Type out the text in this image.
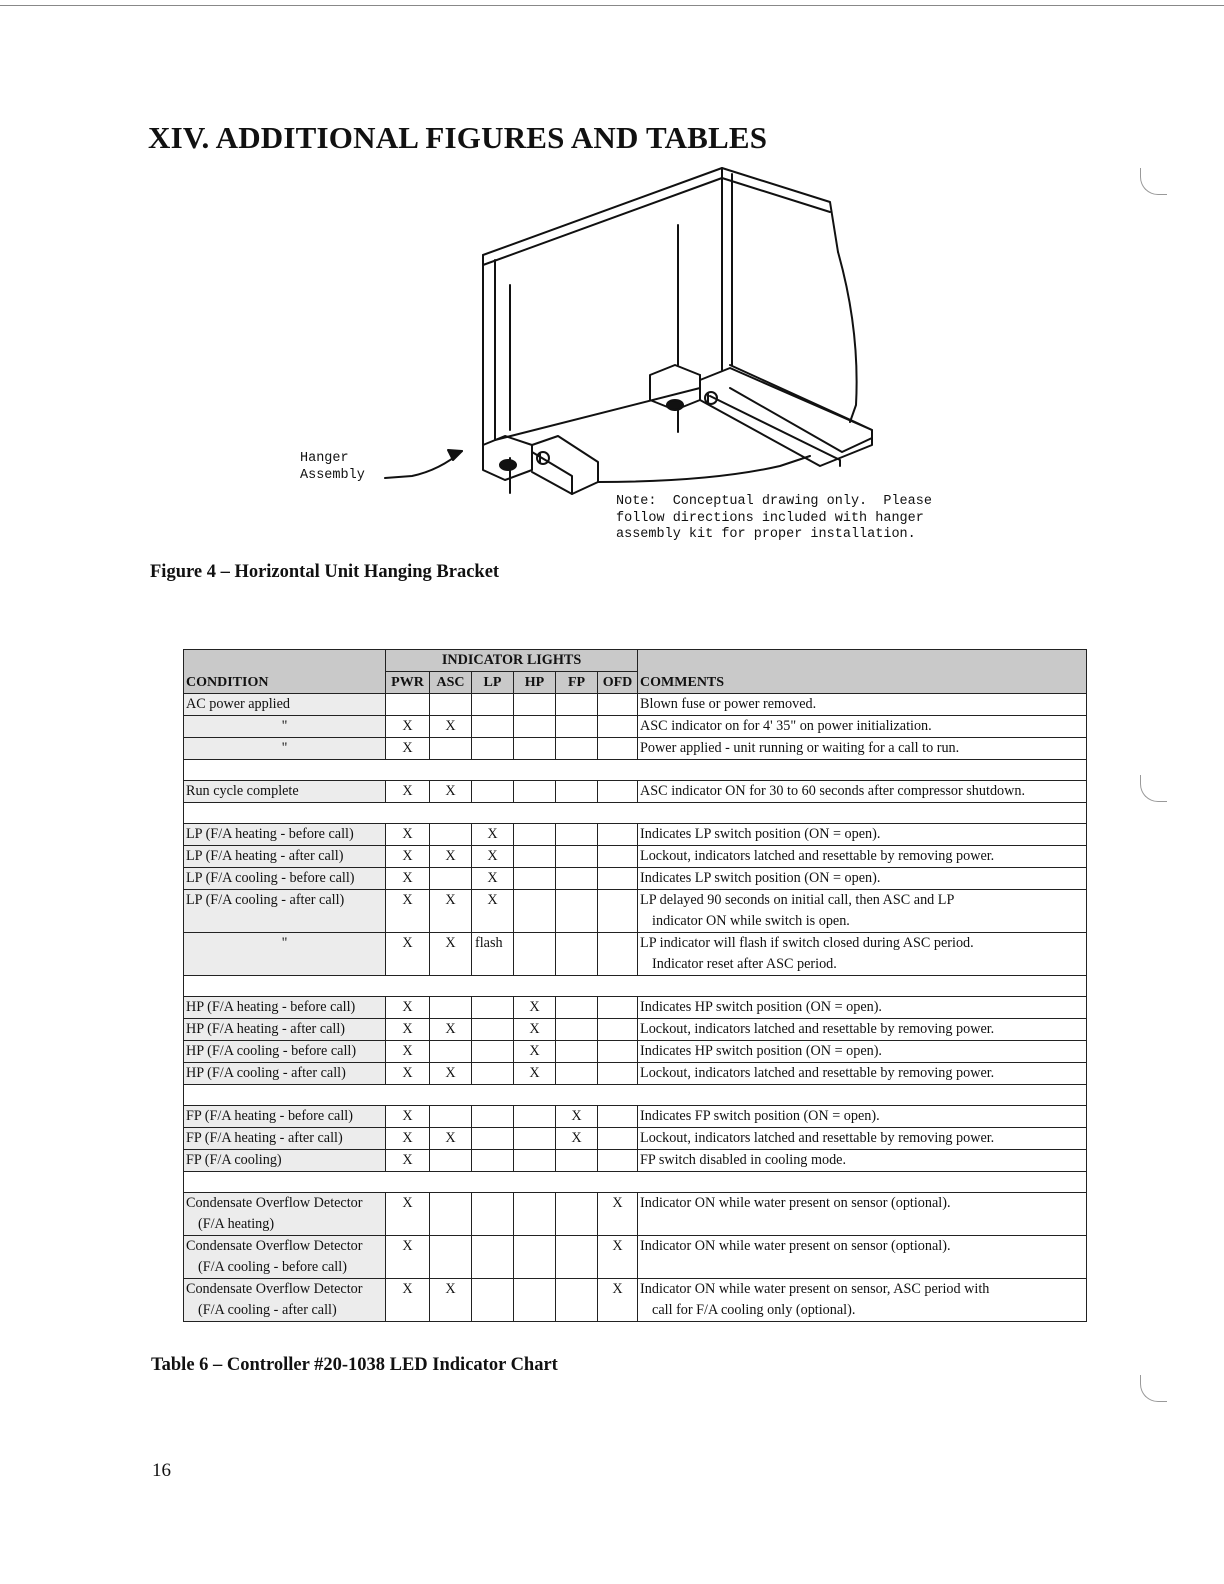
XIV. ADDITIONAL FIGURES AND TABLES
Hanger
Assembly
Note:  Conceptual drawing only.  Please
follow directions included with hanger
assembly kit for proper installation.
Figure 4 – Horizontal Unit Hanging Bracket
	INDICATOR LIGHTS						
CONDITION	PWR	ASC	LP	HP	FP	OFD	COMMENTS
AC power applied							Blown fuse or power removed.
"	X	X					ASC indicator on for 4' 35" on power initialization.
"	X						Power applied - unit running or waiting for a call to run.

Run cycle complete	X	X					ASC indicator ON for 30 to 60 seconds after compressor shutdown.

LP (F/A heating - before call)	X		X				Indicates LP switch position (ON = open).
LP (F/A heating - after call)	X	X	X				Lockout, indicators latched and resettable by removing power.
LP (F/A cooling - before call)	X		X				Indicates LP switch position (ON = open).
LP (F/A cooling - after call)	X	X	X				LP delayed 90 seconds on initial call, then ASC and LP
indicator ON while switch is open.

"	X	X	flash				LP indicator will flash if switch closed during ASC period.
Indicator reset after ASC period.

HP (F/A heating - before call)	X			X			Indicates HP switch position (ON = open).
HP (F/A heating - after call)	X	X		X			Lockout, indicators latched and resettable by removing power.
HP (F/A cooling - before call)	X			X			Indicates HP switch position (ON = open).
HP (F/A cooling - after call)	X	X		X			Lockout, indicators latched and resettable by removing power.

FP (F/A heating - before call)	X				X		Indicates FP switch position (ON = open).
FP (F/A heating - after call)	X	X			X		Lockout, indicators latched and resettable by removing power.
FP (F/A cooling)	X						FP switch disabled in cooling mode.

Condensate Overflow Detector
(F/A heating)	X					X	Indicator ON while water present on sensor (optional).
Condensate Overflow Detector
(F/A cooling - before call)	X					X	Indicator ON while water present on sensor (optional).
Condensate Overflow Detector
(F/A cooling - after call)	X	X				X	Indicator ON while water present on sensor, ASC period with
call for F/A cooling only (optional).
Table 6 – Controller #20-1038 LED Indicator Chart
16
